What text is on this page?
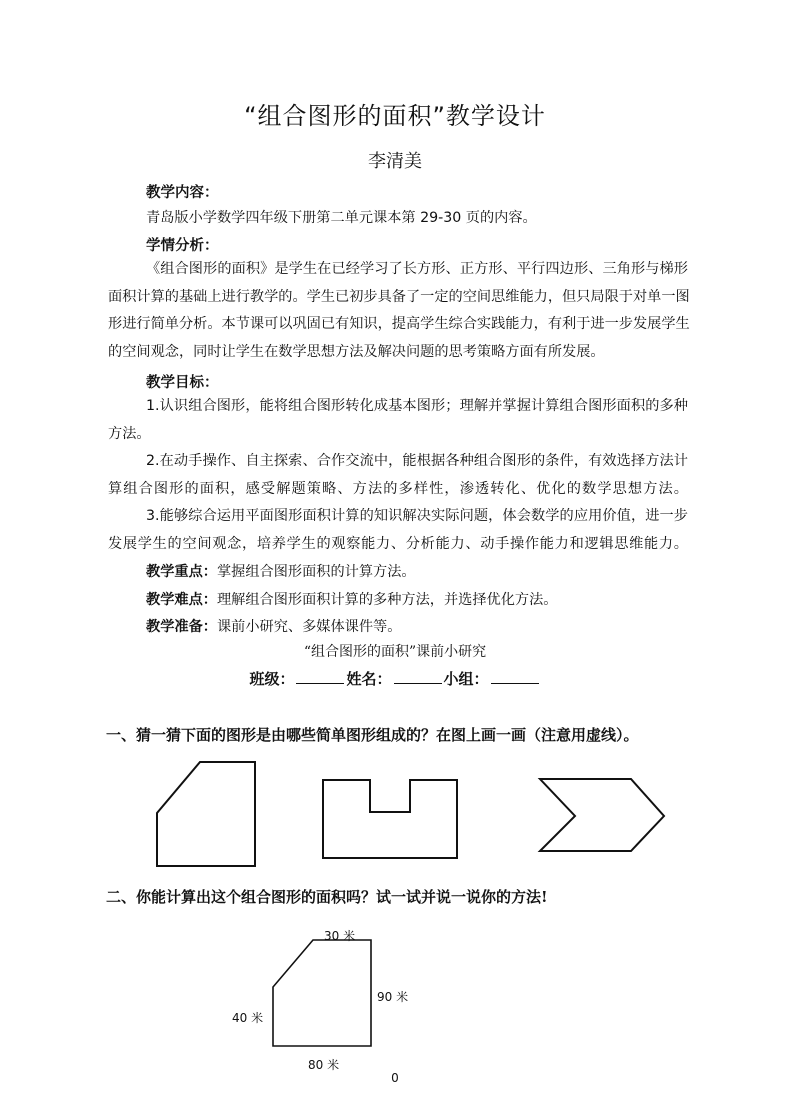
“组合图形的面积”教学设计
李清美
教学内容：
青岛版小学数学四年级下册第二单元课本第 29-30 页的内容。
学情分析：
《组合图形的面积》是学生在已经学习了长方形、正方形、平行四边形、三角形与梯形
面积计算的基础上进行教学的。学生已初步具备了一定的空间思维能力，但只局限于对单一图
形进行简单分析。本节课可以巩固已有知识，提高学生综合实践能力，有利于进一步发展学生
的空间观念，同时让学生在数学思想方法及解决问题的思考策略方面有所发展。
教学目标：
1.认识组合图形，能将组合图形转化成基本图形；理解并掌握计算组合图形面积的多种
方法。
2.在动手操作、自主探索、合作交流中，能根据各种组合图形的条件，有效选择方法计
算组合图形的面积，感受解题策略、方法的多样性，渗透转化、优化的数学思想方法。
3.能够综合运用平面图形面积计算的知识解决实际问题，体会数学的应用价值，进一步
发展学生的空间观念，培养学生的观察能力、分析能力、动手操作能力和逻辑思维能力。
教学重点：掌握组合图形面积的计算方法。
教学难点：理解组合图形面积计算的多种方法，并选择优化方法。
教学准备：课前小研究、多媒体课件等。
“组合图形的面积”课前小研究
班级：	姓名：	小组：
一、猜一猜下面的图形是由哪些简单图形组成的？在图上画一画（注意用虚线）。
二、你能计算出这个组合图形的面积吗？试一试并说一说你的方法!
30 米
90 米
40 米
80 米
0
